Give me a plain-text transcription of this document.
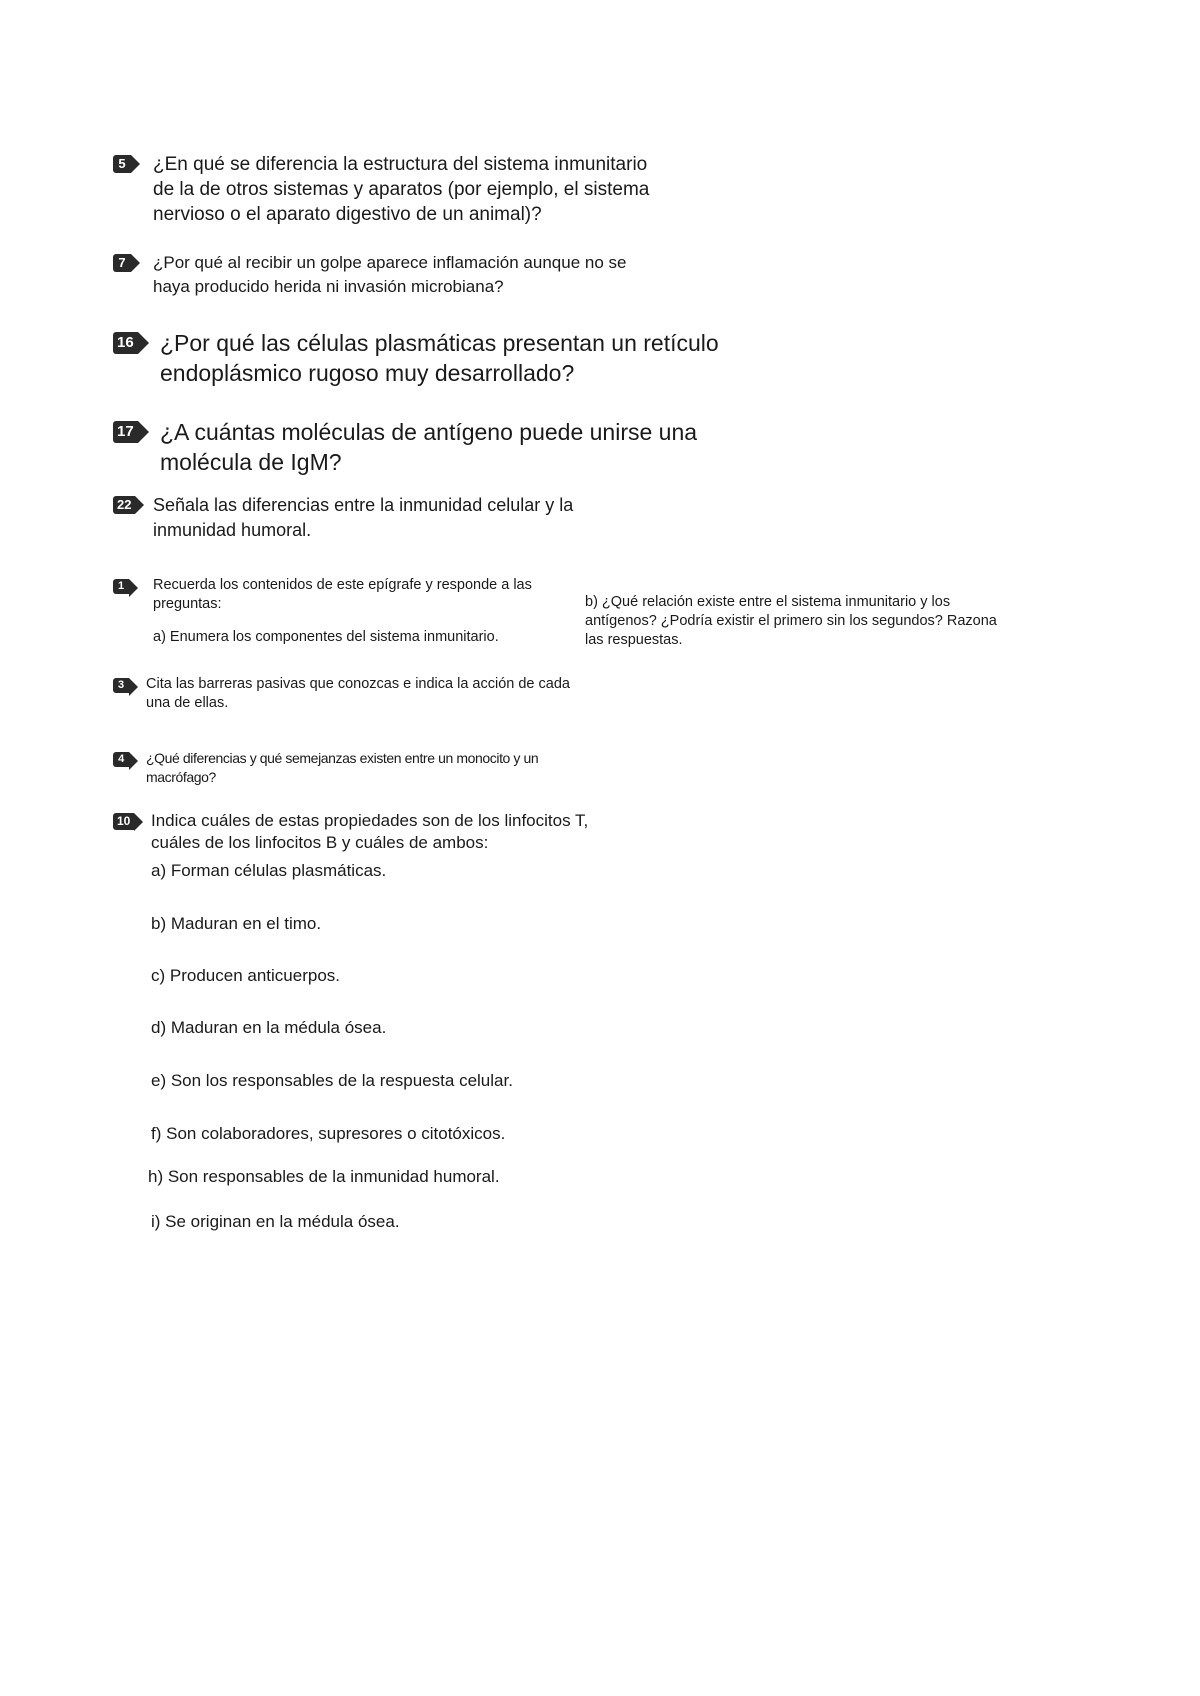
5 ¿En qué se diferencia la estructura del sistema inmunitario de la de otros sistemas y aparatos (por ejemplo, el sistema nervioso o el aparato digestivo de un animal)?
7	¿Por qué al recibir un golpe aparece inflamación aunque no se haya producido herida ni invasión microbiana?
16 ¿Por qué las células plasmáticas presentan un retículo endoplásmico rugoso muy desarrollado?
17 ¿A cuántas moléculas de antígeno puede unirse una molécula de IgM?
22 Señala las diferencias entre la inmunidad celular y la inmunidad humoral.
1	Recuerda los contenidos de este epígrafe y responde a las preguntas:
a) Enumera los componentes del sistema inmunitario.
b) ¿Qué relación existe entre el sistema inmunitario y los antígenos? ¿Podría existir el primero sin los segundos? Razona las respuestas.
3	Cita las barreras pasivas que conozcas e indica la acción de cada una de ellas.
4	¿Qué diferencias y qué semejanzas existen entre un monocito y un macrófago?
10 Indica cuáles de estas propiedades son de los linfocitos T, cuáles de los linfocitos B y cuáles de ambos:
a) Forman células plasmáticas.
b) Maduran en el timo.
c) Producen anticuerpos.
d) Maduran en la médula ósea.
e) Son los responsables de la respuesta celular.
f) Son colaboradores, supresores o citotóxicos.
h) Son responsables de la inmunidad humoral.
i) Se originan en la médula ósea.
